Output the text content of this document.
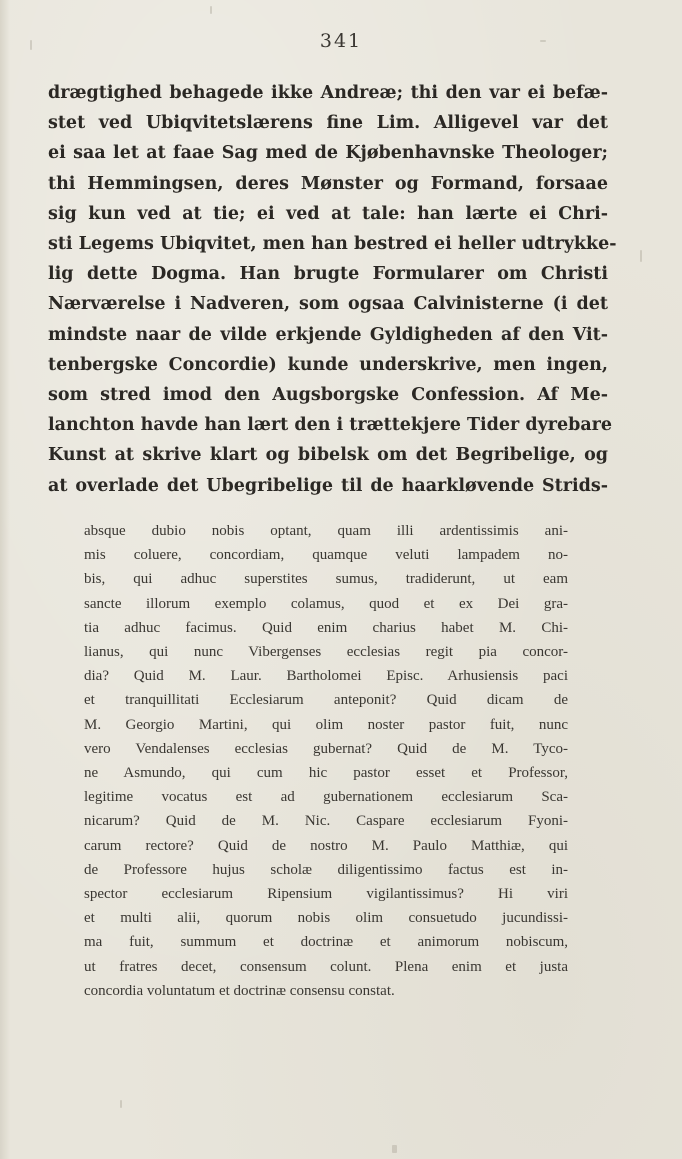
341
drægtighed behagede ikke Andreæ; thi den var ei befæ-
stet ved Ubiqvitetslærens fine Lim. Alligevel var det
ei saa let at faae Sag med de Kjøbenhavnske Theologer;
thi Hemmingsen, deres Mønster og Formand, forsaae
sig kun ved at tie; ei ved at tale: han lærte ei Chri-
sti Legems Ubiqvitet, men han bestred ei heller udtrykke-
lig dette Dogma. Han brugte Formularer om Christi
Nærværelse i Nadveren, som ogsaa Calvinisterne (i det
mindste naar de vilde erkjende Gyldigheden af den Vit-
tenbergske Concordie) kunde underskrive, men ingen,
som stred imod den Augsborgske Confession. Af Me-
lanchton havde han lært den i trættekjere Tider dyrebare
Kunst at skrive klart og bibelsk om det Begribelige, og
at overlade det Ubegribelige til de haarkløvende Strids-
absque dubio nobis optant, quam illi ardentissimis ani-
mis coluere, concordiam, quamque veluti lampadem no-
bis, qui adhuc superstites sumus, tradiderunt, ut eam
sancte illorum exemplo colamus, quod et ex Dei gra-
tia adhuc facimus. Quid enim charius habet M. Chi-
lianus, qui nunc Vibergenses ecclesias regit pia concor-
dia? Quid M. Laur. Bartholomei Episc. Arhusiensis paci
et tranquillitati Ecclesiarum anteponit? Quid dicam de
M. Georgio Martini, qui olim noster pastor fuit, nunc
vero Vendalenses ecclesias gubernat? Quid de M. Tyco-
ne Asmundo, qui cum hic pastor esset et Professor,
legitime vocatus est ad gubernationem ecclesiarum Sca-
nicarum? Quid de M. Nic. Caspare ecclesiarum Fyoni-
carum rectore? Quid de nostro M. Paulo Matthiæ, qui
de Professore hujus scholæ diligentissimo factus est in-
spector ecclesiarum Ripensium vigilantissimus? Hi viri
et multi alii, quorum nobis olim consuetudo jucundissi-
ma fuit, summum et doctrinæ et animorum nobiscum,
ut fratres decet, consensum colunt. Plena enim et justa
concordia voluntatum et doctrinæ consensu constat.
